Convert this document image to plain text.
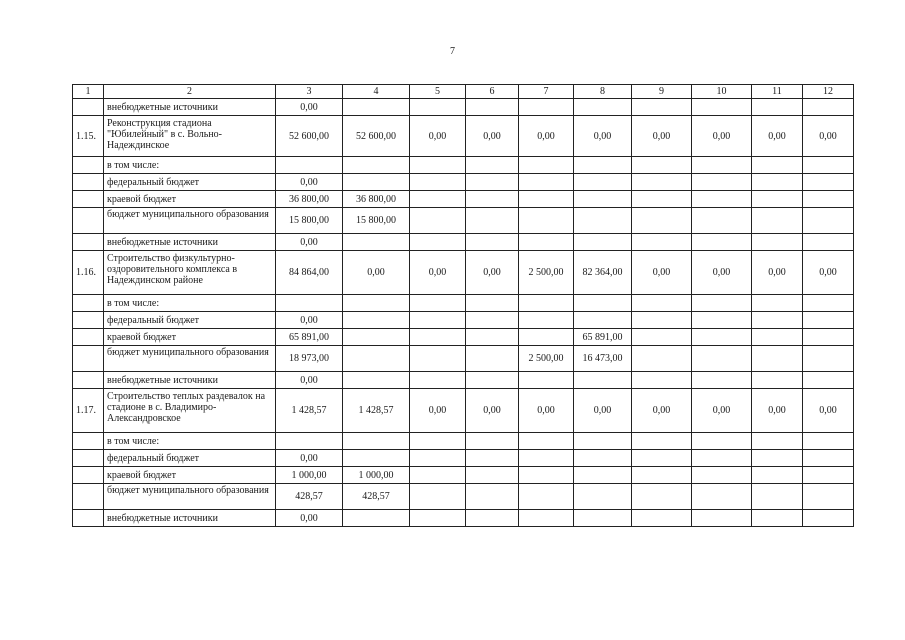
7
1	2	3	4	5	6	7	8	9	10	11	12
	внебюджетные источники	0,00									
1.15.	Реконструкция стадиона "Юбилейный" в с. Вольно-Надеждинское	52 600,00	52 600,00	0,00	0,00	0,00	0,00	0,00	0,00	0,00	0,00
	в том числе:										
	федеральный бюджет	0,00									
	краевой бюджет	36 800,00	36 800,00								
	бюджет муниципального образования	15 800,00	15 800,00								
	внебюджетные источники	0,00									
1.16.	Строительство физкультурно-оздоровительного комплекса в Надеждинском районе	84 864,00	0,00	0,00	0,00	2 500,00	82 364,00	0,00	0,00	0,00	0,00
	в том числе:										
	федеральный бюджет	0,00									
	краевой бюджет	65 891,00					65 891,00				
	бюджет муниципального образования	18 973,00				2 500,00	16 473,00				
	внебюджетные источники	0,00									
1.17.	Строительство теплых раздевалок на стадионе в с. Владимиро-Александровское	1 428,57	1 428,57	0,00	0,00	0,00	0,00	0,00	0,00	0,00	0,00
	в том числе:										
	федеральный бюджет	0,00									
	краевой бюджет	1 000,00	1 000,00								
	бюджет муниципального образования	428,57	428,57								
	внебюджетные источники	0,00									
